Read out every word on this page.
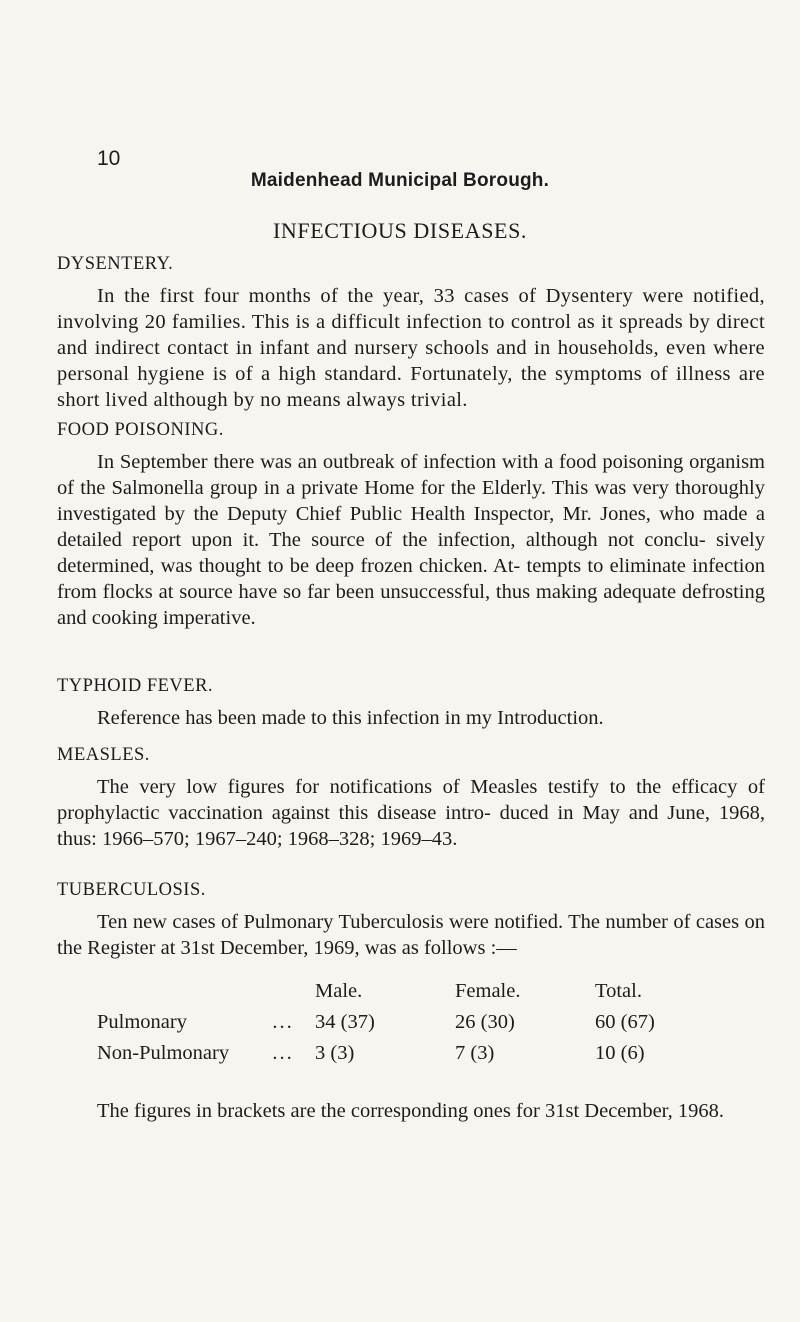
10
Maidenhead Municipal Borough.
INFECTIOUS DISEASES.
DYSENTERY.

In the first four months of the year, 33 cases of Dysentery were notified, involving 20 families. This is a difficult infection to control as it spreads by direct and indirect contact in infant and nursery schools and in households, even where personal hygiene is of a high standard. Fortunately, the symptoms of illness are short lived although by no means always trivial.

FOOD POISONING.

In September there was an outbreak of infection with a food poisoning organism of the Salmonella group in a private Home for the Elderly. This was very thoroughly investigated by the Deputy Chief Public Health Inspector, Mr. Jones, who made a detailed report upon it. The source of the infection, although not conclu- sively determined, was thought to be deep frozen chicken. At- tempts to eliminate infection from flocks at source have so far been unsuccessful, thus making adequate defrosting and cooking imperative.

TYPHOID FEVER.

Reference has been made to this infection in my Introduction.

MEASLES.

The very low figures for notifications of Measles testify to the efficacy of prophylactic vaccination against this disease intro- duced in May and June, 1968, thus: 1966–570; 1967–240; 1968–328; 1969–43.

TUBERCULOSIS.

Ten new cases of Pulmonary Tuberculosis were notified. The number of cases on the Register at 31st December, 1969, was as follows :—

		Male.	Female.	Total.
Pulmonary	...	34 (37)	26 (30)	60 (67)
Non-Pulmonary	...	3 (3)	7 (3)	10 (6)

The figures in brackets are the corresponding ones for 31st December, 1968.
